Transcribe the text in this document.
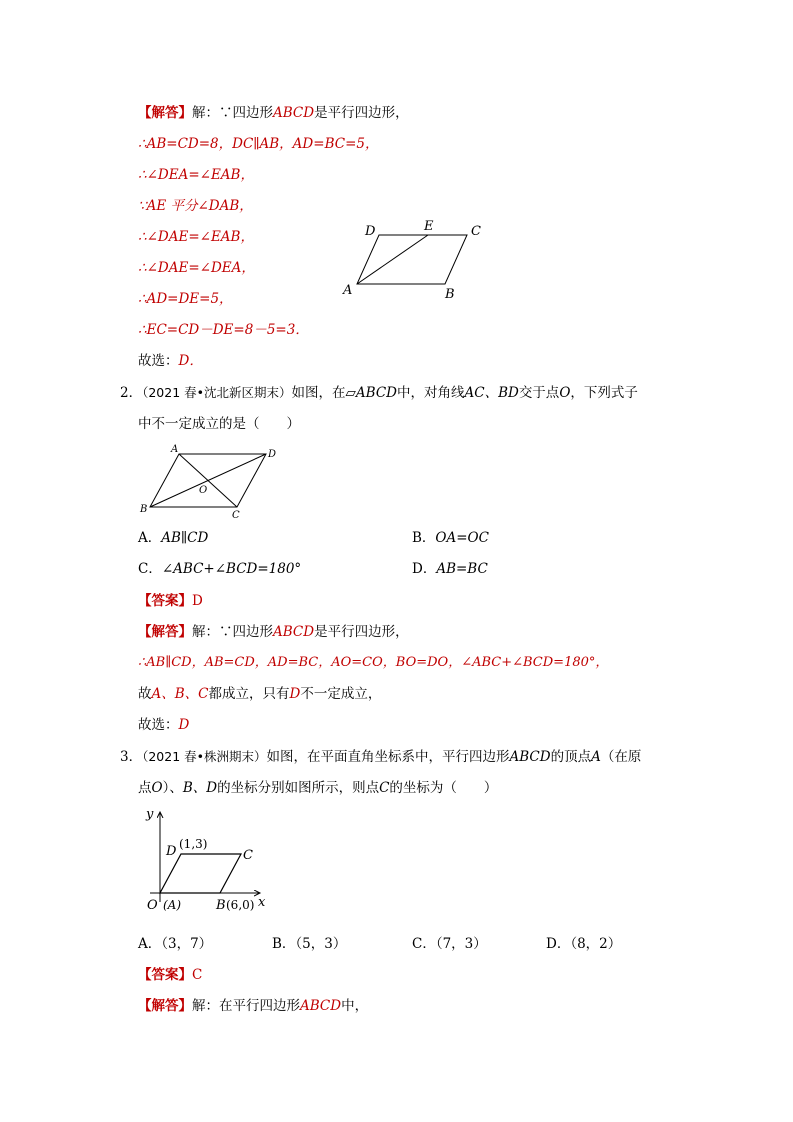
【解答】解：∵四边形ABCD是平行四边形，
∴AB=CD=8，DC∥AB，AD=BC=5，
∴∠DEA=∠EAB，
∵AE 平分∠DAB，
∴∠DAE=∠EAB，
∴∠DAE=∠DEA，
∴AD=DE=5，
∴EC=CD－DE=8－5=3．
故选：D．
D	E	C
A	B
2．（2021 春•沈北新区期末）如图，在▱ABCD中，对角线AC、BD交于点O，下列式子
中不一定成立的是（　　）
A	D
B
C
O
A．AB∥CD	B．OA=OC
C．∠ABC+∠BCD=180°	D．AB=BC
【答案】D
【解答】解：∵四边形ABCD是平行四边形，
∴AB∥CD，AB=CD，AD=BC，AO=CO，BO=DO，∠ABC+∠BCD=180°，
故A、B、C都成立，只有D不一定成立，
故选：D
3．（2021 春•株洲期末）如图，在平面直角坐标系中，平行四边形ABCD的顶点A（在原
点O）、B、D的坐标分别如图所示，则点C的坐标为（　　）
y
x
D (1,3)
C
O (A)	B (6,0)
A．（3，7）	B．（5，3）	C．（7，3）	D．（8，2）
【答案】C
【解答】解：在平行四边形ABCD中，
